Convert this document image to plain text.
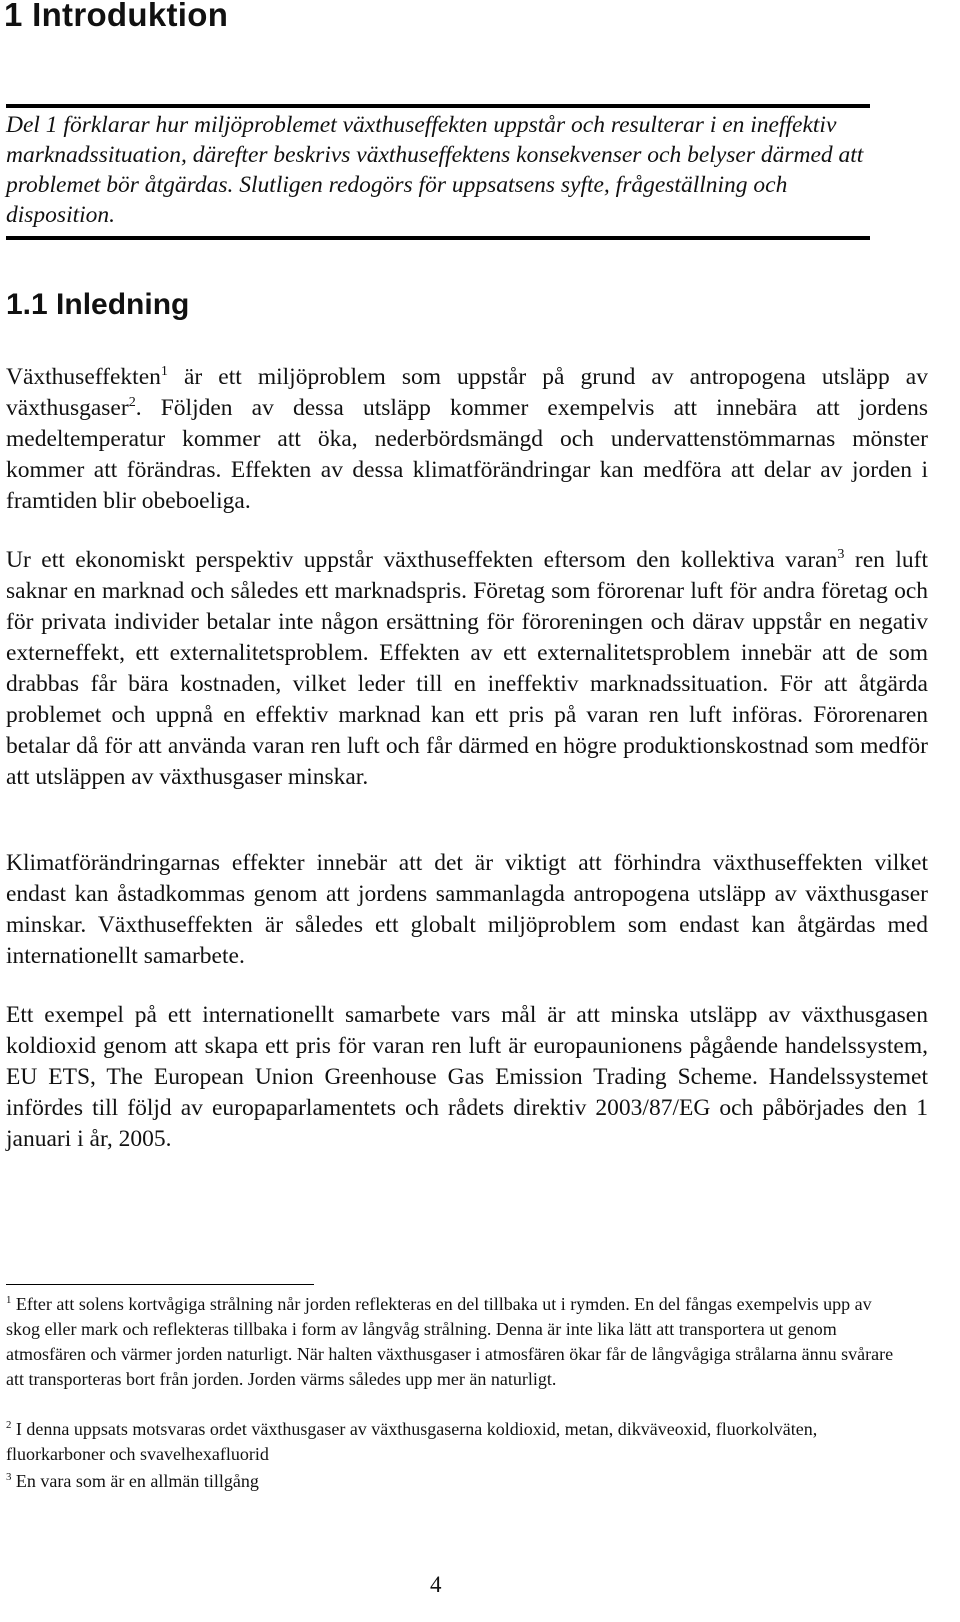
1 Introduktion
Del 1 förklarar hur miljöproblemet växthuseffekten uppstår och resulterar i en ineffektiv marknadssituation, därefter beskrivs växthuseffektens konsekvenser och belyser därmed att problemet bör åtgärdas. Slutligen redogörs för uppsatsens syfte, frågeställning och disposition.
1.1 Inledning
Växthuseffekten$^1$ är ett miljöproblem som uppstår på grund av antropogena utsläpp av växthusgaser$^2$. Följden av dessa utsläpp kommer exempelvis att innebära att jordens medeltemperatur kommer att öka, nederbördsmängd och undervattenstömmarnas mönster kommer att förändras. Effekten av dessa klimatförändringar kan medföra att delar av jorden i framtiden blir obeboeliga.
Ur ett ekonomiskt perspektiv uppstår växthuseffekten eftersom den kollektiva varan$^3$ ren luft saknar en marknad och således ett marknadspris. Företag som förorenar luft för andra företag och för privata individer betalar inte någon ersättning för föroreningen och därav uppstår en negativ externeffekt, ett externalitetsproblem. Effekten av ett externalitetsproblem innebär att de som drabbas får bära kostnaden, vilket leder till en ineffektiv marknadssituation. För att åtgärda problemet och uppnå en effektiv marknad kan ett pris på varan ren luft införas. Förorenaren betalar då för att använda varan ren luft och får därmed en högre produktionskostnad som medför att utsläppen av växthusgaser minskar.
Klimatförändringarnas effekter innebär att det är viktigt att förhindra växthuseffekten vilket endast kan åstadkommas genom att jordens sammanlagda antropogena utsläpp av växthusgaser minskar. Växthuseffekten är således ett globalt miljöproblem som endast kan åtgärdas med internationellt samarbete.
Ett exempel på ett internationellt samarbete vars mål är att minska utsläpp av växthusgasen koldioxid genom att skapa ett pris för varan ren luft är europaunionens pågående handelssystem, EU ETS, The European Union Greenhouse Gas Emission Trading Scheme. Handelssystemet infördes till följd av europaparlamentets och rådets direktiv 2003/87/EG och påbörjades den 1 januari i år, 2005.
$^1$ Efter att solens kortvågiga strålning når jorden reflekteras en del tillbaka ut i rymden. En del fångas exempelvis upp av skog eller mark och reflekteras tillbaka i form av långvåg strålning. Denna är inte lika lätt att transportera ut genom atmosfären och värmer jorden naturligt. När halten växthusgaser i atmosfären ökar får de långvågiga strålarna ännu svårare att transporteras bort från jorden. Jorden värms således upp mer än naturligt.
$^2$ I denna uppsats motsvaras ordet växthusgaser av växthusgaserna koldioxid, metan, dikväveoxid, fluorkolväten, fluorkarboner och svavelhexafluorid
$^3$ En vara som är en allmän tillgång
4
